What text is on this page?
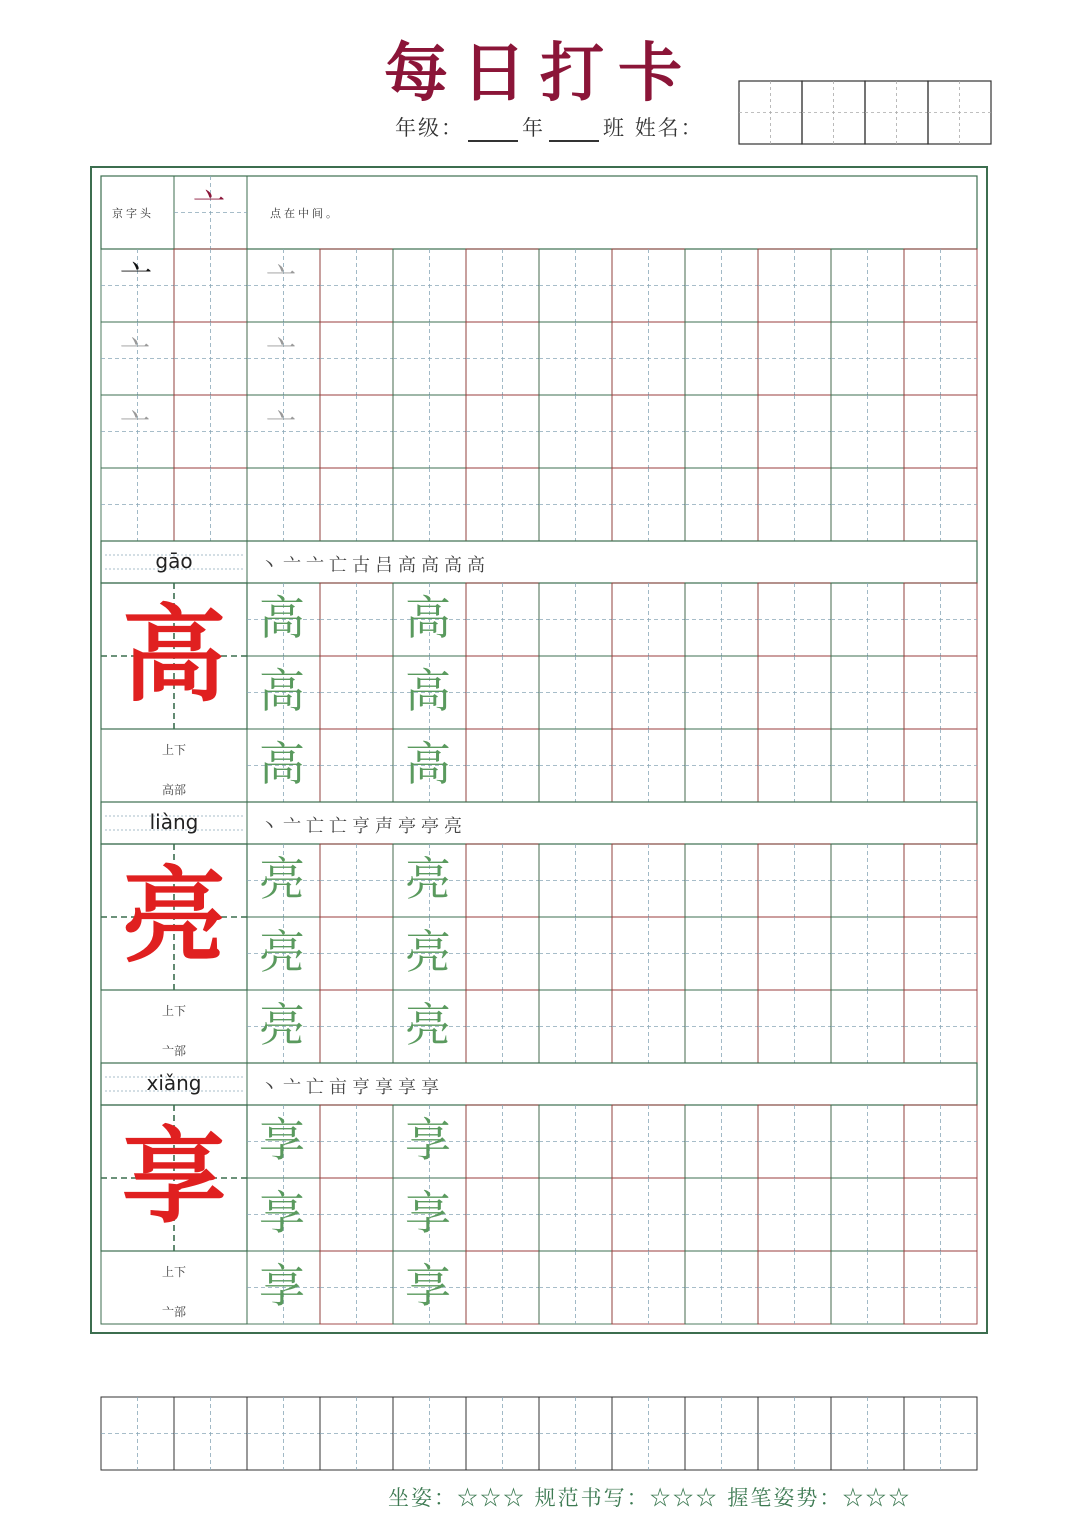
每日打卡
年级：	年	班 姓名：
京字头 亠	点在中间。
亠	亠
亠	亠
亠	亠
gāo	丶亠亠亡古吕高高高高
高
上下
高部
高 高
高 高
高 高
liàng	丶亠亡亡亨声亭亭亮
亮
上下
亠部
亮 亮
亮 亮
亮 亮
xiǎng	丶亠亡亩亨享享享
享
上下
亠部
享 享
享 享
享 享
坐姿：☆☆☆ 规范书写：☆☆☆ 握笔姿势：☆☆☆
